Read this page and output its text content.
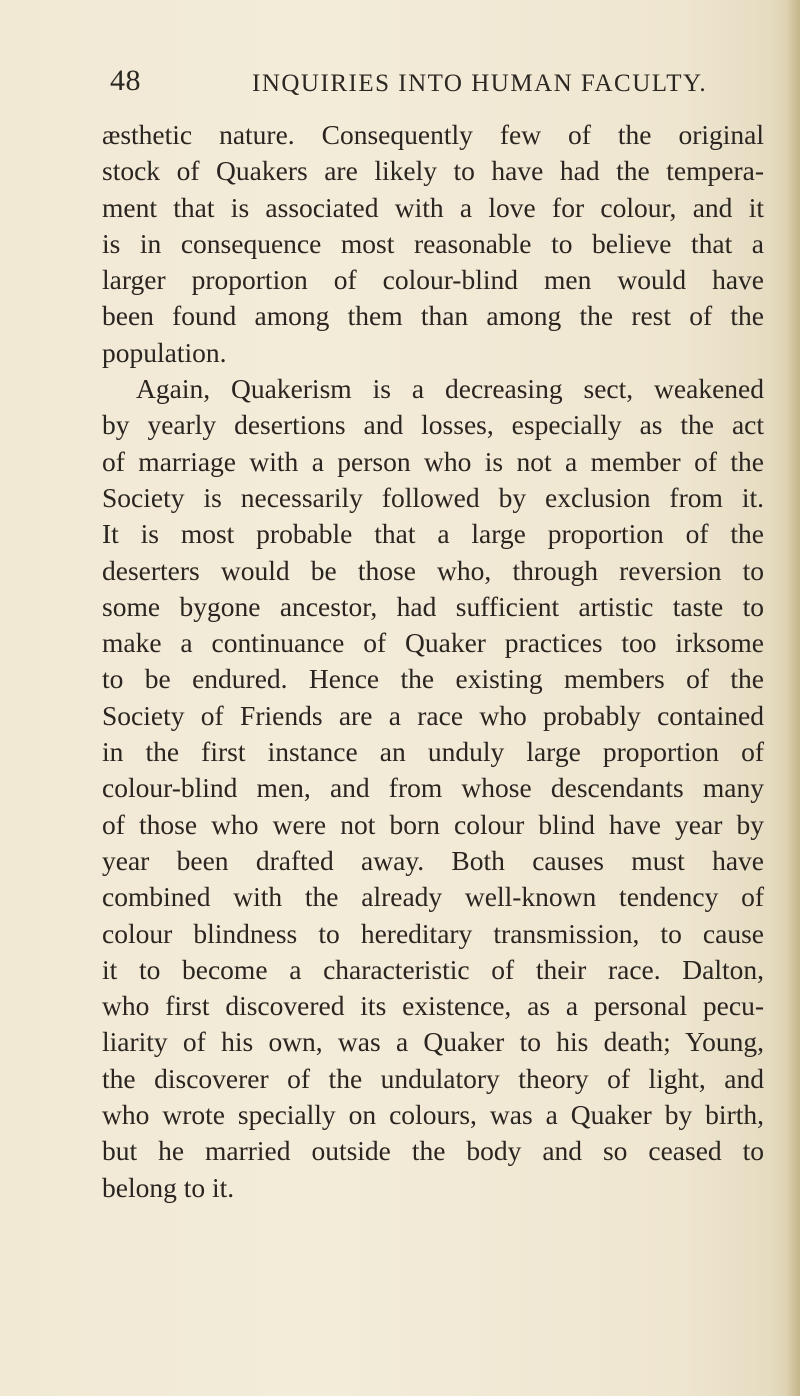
48	INQUIRIES INTO HUMAN FACULTY.
æsthetic nature. Consequently few of the original
stock of Quakers are likely to have had the tempera-
ment that is associated with a love for colour, and it
is in consequence most reasonable to believe that a
larger proportion of colour-blind men would have
been found among them than among the rest of the
population.
Again, Quakerism is a decreasing sect, weakened
by yearly desertions and losses, especially as the act
of marriage with a person who is not a member of the
Society is necessarily followed by exclusion from it.
It is most probable that a large proportion of the
deserters would be those who, through reversion to
some bygone ancestor, had sufficient artistic taste to
make a continuance of Quaker practices too irksome
to be endured. Hence the existing members of the
Society of Friends are a race who probably contained
in the first instance an unduly large proportion of
colour-blind men, and from whose descendants many
of those who were not born colour blind have year by
year been drafted away. Both causes must have
combined with the already well-known tendency of
colour blindness to hereditary transmission, to cause
it to become a characteristic of their race. Dalton,
who first discovered its existence, as a personal pecu-
liarity of his own, was a Quaker to his death; Young,
the discoverer of the undulatory theory of light, and
who wrote specially on colours, was a Quaker by birth,
but he married outside the body and so ceased to
belong to it.
